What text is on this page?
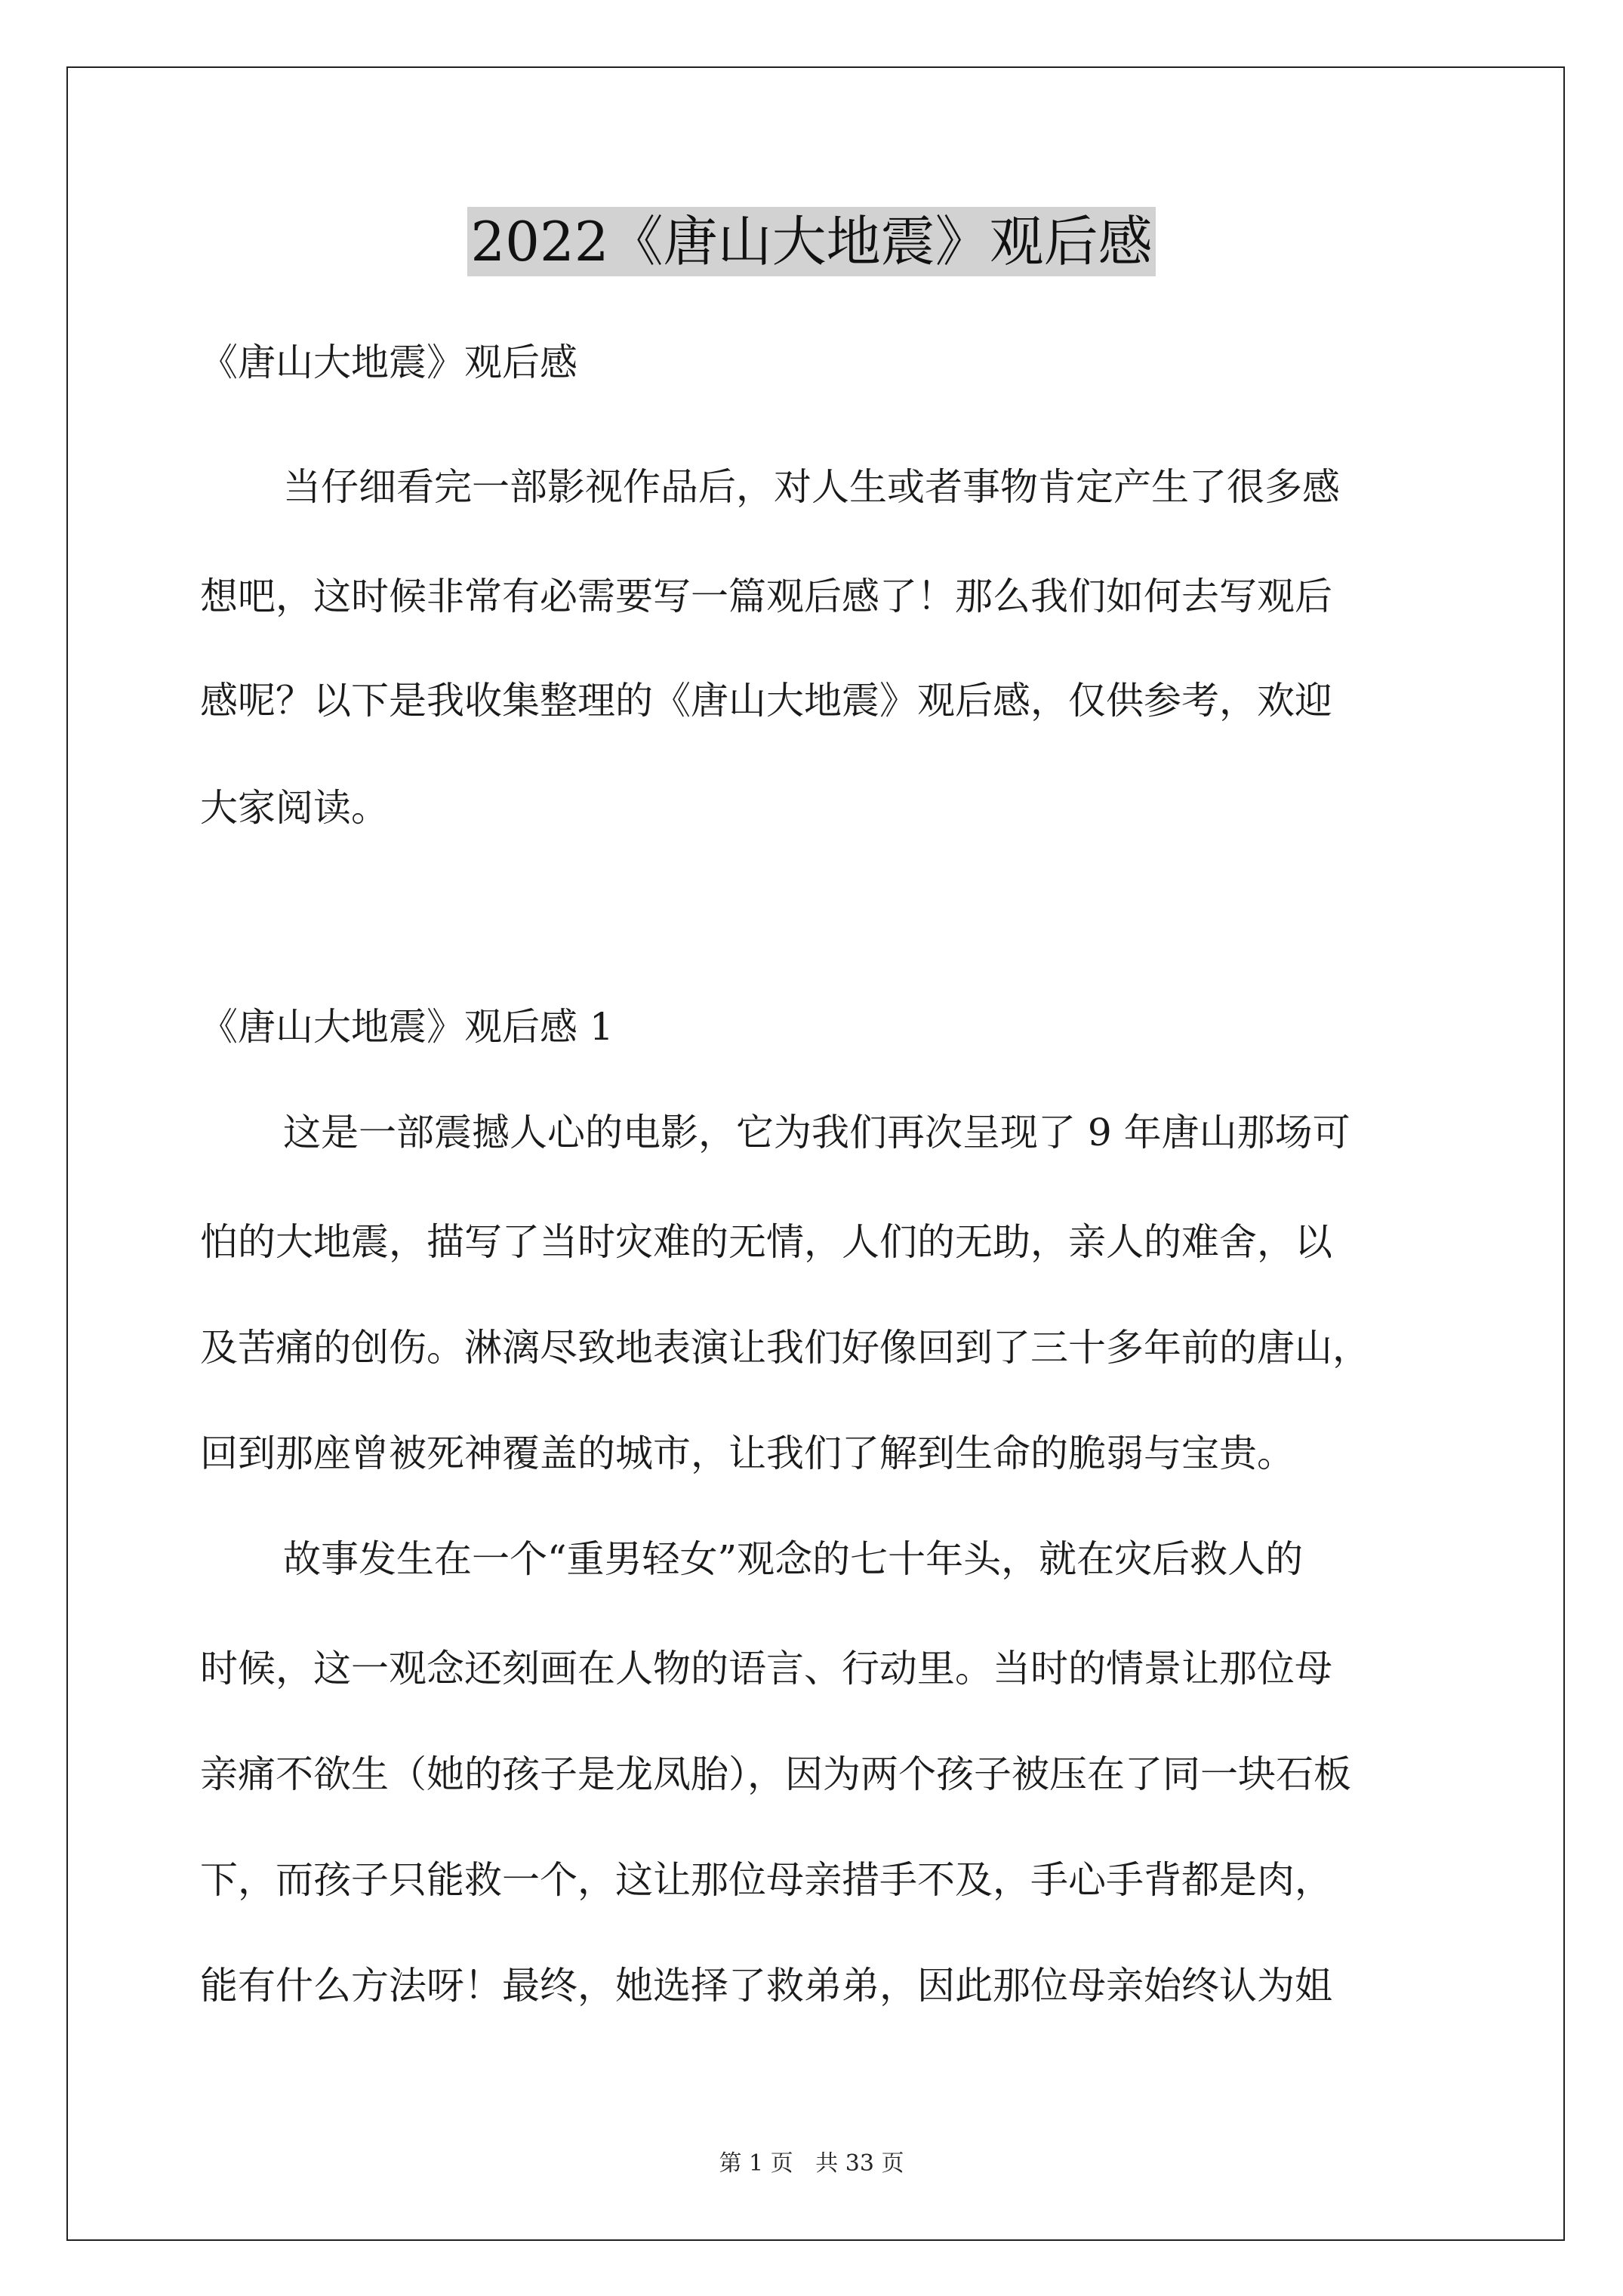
2022《唐山大地震》观后感
《唐山大地震》观后感
当仔细看完一部影视作品后，对人生或者事物肯定产生了很多感
想吧，这时候非常有必需要写一篇观后感了！那么我们如何去写观后
感呢？以下是我收集整理的《唐山大地震》观后感，仅供参考，欢迎
大家阅读。
《唐山大地震》观后感 1
这是一部震撼人心的电影，它为我们再次呈现了 9 年唐山那场可
怕的大地震，描写了当时灾难的无情，人们的无助，亲人的难舍，以
及苦痛的创伤。淋漓尽致地表演让我们好像回到了三十多年前的唐山，
回到那座曾被死神覆盖的城市，让我们了解到生命的脆弱与宝贵。
故事发生在一个“重男轻女”观念的七十年头，就在灾后救人的
时候，这一观念还刻画在人物的语言、行动里。当时的情景让那位母
亲痛不欲生（她的孩子是龙凤胎），因为两个孩子被压在了同一块石板
下，而孩子只能救一个，这让那位母亲措手不及，手心手背都是肉，
能有什么方法呀！最终，她选择了救弟弟，因此那位母亲始终认为姐
第 1 页 共 33 页
